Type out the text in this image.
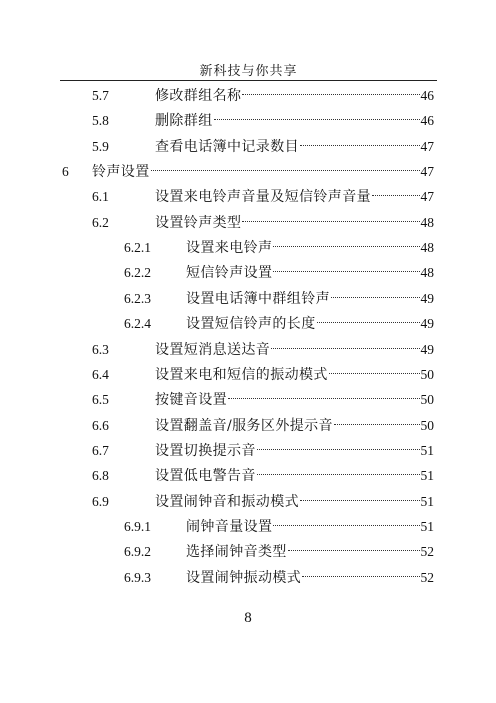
新科技与你共享
5.7	修改群组名称	46
5.8	删除群组	46
5.9	查看电话簿中记录数目	47
6	铃声设置	47
6.1	设置来电铃声音量及短信铃声音量	47
6.2	设置铃声类型	48
6.2.1	设置来电铃声	48
6.2.2	短信铃声设置	48
6.2.3	设置电话簿中群组铃声	49
6.2.4	设置短信铃声的长度	49
6.3	设置短消息送达音	49
6.4	设置来电和短信的振动模式	50
6.5	按键音设置	50
6.6	设置翻盖音/服务区外提示音	50
6.7	设置切换提示音	51
6.8	设置低电警告音	51
6.9	设置闹钟音和振动模式	51
6.9.1	闹钟音量设置	51
6.9.2	选择闹钟音类型	52
6.9.3	设置闹钟振动模式	52
8
